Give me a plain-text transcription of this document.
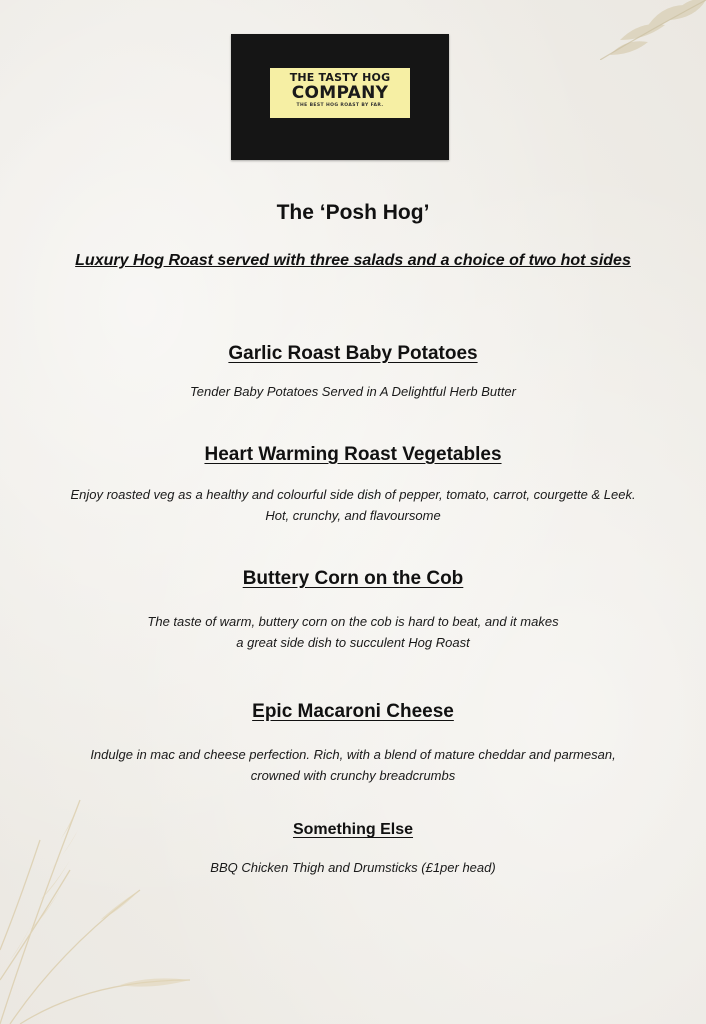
THE TASTY HOG
COMPANY
THE BEST HOG ROAST BY FAR.
The ‘Posh Hog’
Luxury Hog Roast served with three salads and a choice of two hot sides
Garlic Roast Baby Potatoes
Tender Baby Potatoes Served in A Delightful Herb Butter
Heart Warming Roast Vegetables
Enjoy roasted veg as a healthy and colourful side dish of pepper, tomato, carrot, courgette & Leek.
Hot, crunchy, and flavoursome
Buttery Corn on the Cob
The taste of warm, buttery corn on the cob is hard to beat, and it makes
a great side dish to succulent Hog Roast
Epic Macaroni Cheese
Indulge in mac and cheese perfection. Rich, with a blend of mature cheddar and parmesan,
crowned with crunchy breadcrumbs
Something Else
BBQ Chicken Thigh and Drumsticks (£1per head)
